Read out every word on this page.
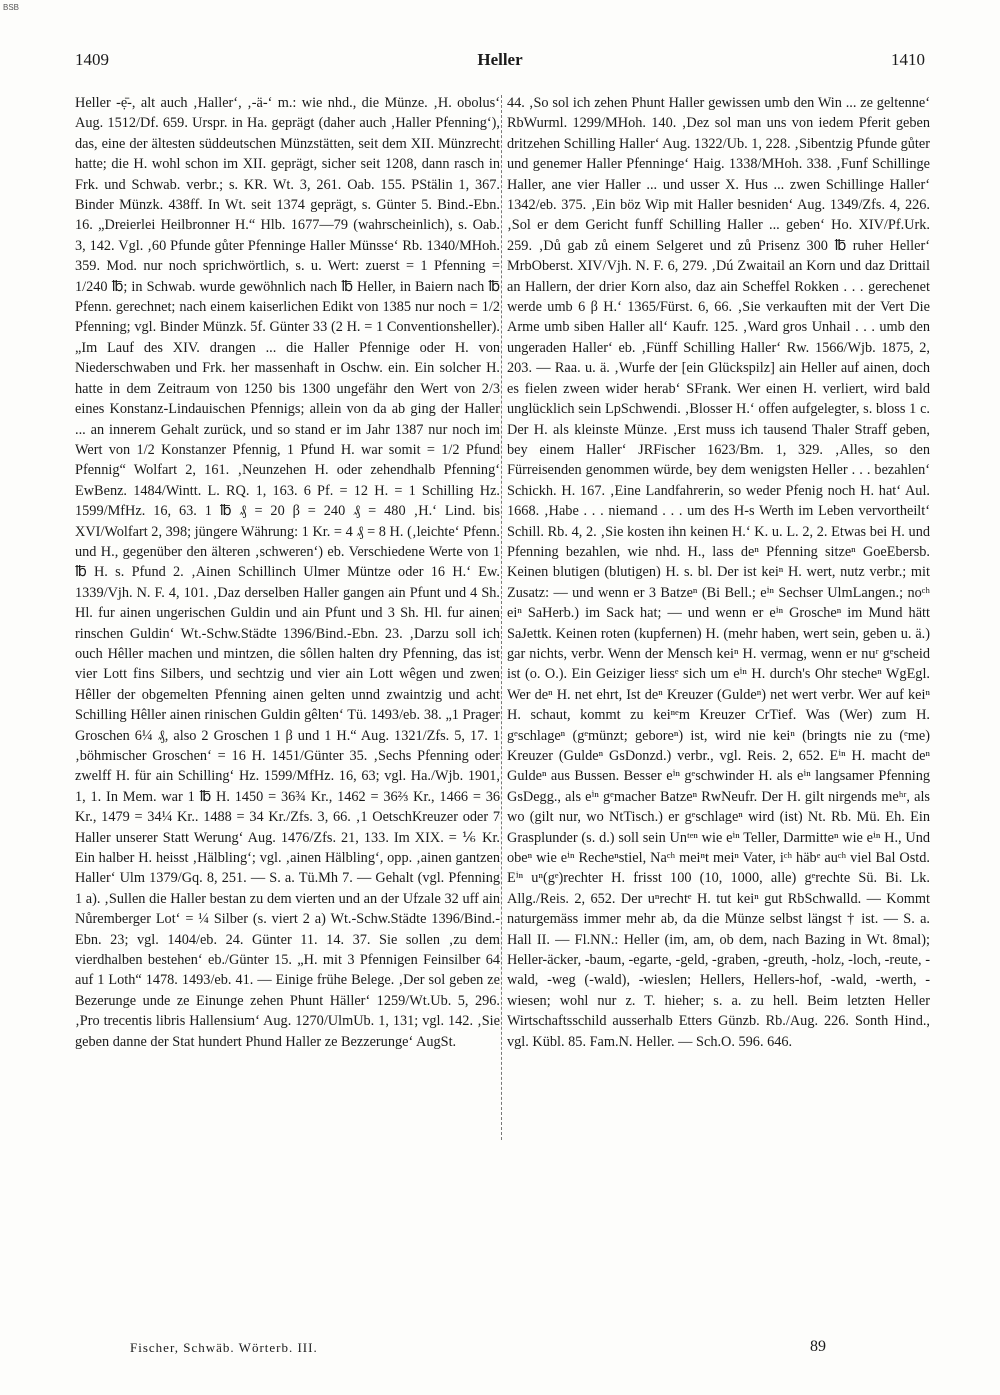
BSB
1409	Heller	1410

Heller -ẹ̄-, alt auch ‚Haller‘, ‚-ä-‘ m.: wie nhd., die Münze. ‚H. obolus‘ Aug. 1512/Df. 659. Urspr. in Ha. geprägt (daher auch ‚Haller Pfenning‘), das, eine der ältesten süddeutschen Münzstätten, seit dem XII. Münzrecht hatte; die H. wohl schon im XII. geprägt, sicher seit 1208, dann rasch in Frk. und Schwab. verbr.; s. KR. Wt. 3, 261. Oab. 155. PStälin 1, 367. Binder Münzk. 438ff. In Wt. seit 1374 geprägt, s. Günter 5. Bind.-Ebn. 16. „Dreierlei Heilbronner H.“ Hlb. 1677—79 (wahrscheinlich), s. Oab. 3, 142. Vgl. ‚60 Pfunde gůter Pfenninge Haller Münsse‘ Rb. 1340/MHoh. 359. Mod. nur noch sprichwörtlich, s. u. Wert: zuerst = 1 Pfenning = 1/240 ℔; in Schwab. wurde gewöhnlich nach ℔ Heller, in Baiern nach ℔ Pfenn. gerechnet; nach einem kaiserlichen Edikt von 1385 nur noch = 1/2 Pfenning; vgl. Binder Münzk. 5f. Günter 33 (2 H. = 1 Conventionsheller). „Im Lauf des XIV. drangen ... die Haller Pfennige oder H. von Niederschwaben und Frk. her massenhaft in Oschw. ein. Ein solcher H. hatte in dem Zeitraum von 1250 bis 1300 ungefähr den Wert von 2/3 eines Konstanz-Lindauischen Pfennigs; allein von da ab ging der Haller ... an innerem Gehalt zurück, und so stand er im Jahr 1387 nur noch im Wert von 1/2 Konstanzer Pfennig, 1 Pfund H. war somit = 1/2 Pfund Pfennig“ Wolfart 2, 161. ‚Neunzehen H. oder zehendhalb Pfenning‘ EwBenz. 1484/Wintt. L. RQ. 1, 163. 6 Pf. = 12 H. = 1 Schilling Hz. 1599/MfHz. 16, 63. 1 ℔ ₰ = 20 β = 240 ₰ = 480 ‚H.‘ Lind. bis XVI/Wolfart 2, 398; jüngere Währung: 1 Kr. = 4 ₰ = 8 H. (‚leichte‘ Pfenn. und H., gegenüber den älteren ‚schweren‘) eb. Verschiedene Werte von 1 ℔ H. s. Pfund 2. ‚Ainen Schillinch Ulmer Müntze oder 16 H.‘ Ew. 1339/Vjh. N. F. 4, 101. ‚Daz derselben Haller gangen ain Pfunt und 4 Sh. Hl. fur ainen ungerischen Guldin und ain Pfunt und 3 Sh. Hl. fur ainen rinschen Guldin‘ Wt.-Schw.Städte 1396/Bind.-Ebn. 23. ‚Darzu soll ich ouch Hêller machen und mintzen, die sôllen halten dry Pfenning, das ist vier Lott fins Silbers, und sechtzig und vier ain Lott wêgen und zwen Hêller der obgemelten Pfenning ainen gelten unnd zwaintzig und acht Schilling Hêller ainen rinischen Guldin gêlten‘ Tü. 1493/eb. 38. „1 Prager Groschen 6¼ ₰, also 2 Groschen 1 β und 1 H.“ Aug. 1321/Zfs. 5, 17. 1 ‚böhmischer Groschen‘ = 16 H. 1451/Günter 35. ‚Sechs Pfenning oder zwelff H. für ain Schilling‘ Hz. 1599/MfHz. 16, 63; vgl. Ha./Wjb. 1901, 1, 1. In Mem. war 1 ℔ H. 1450 = 36¾ Kr., 1462 = 36⅔ Kr., 1466 = 36 Kr., 1479 = 34¼ Kr.. 1488 = 34 Kr./Zfs. 3, 66. ‚1 OetschKreuzer oder 7 Haller unserer Statt Werung‘ Aug. 1476/Zfs. 21, 133. Im XIX. = ⅙ Kr. Ein halber H. heisst ‚Hälbling‘; vgl. ‚ainen Hälbling‘, opp. ‚ainen gantzen Haller‘ Ulm 1379/Gq. 8, 251. — S. a. Tü.Mh 7. — Gehalt (vgl. Pfenning 1 a). ‚Sullen die Haller bestan zu dem vierten und an der Ufzale 32 uff ain Nůremberger Lot‘ = ¼ Silber (s. viert 2 a) Wt.-Schw.Städte 1396/Bind.-Ebn. 23; vgl. 1404/eb. 24. Günter 11. 14. 37. Sie sollen ‚zu dem vierdhalben bestehen‘ eb./Günter 15. „H. mit 3 Pfennigen Feinsilber 64 auf 1 Loth“ 1478. 1493/eb. 41. — Einige frühe Belege. ‚Der sol geben ze Bezerunge unde ze Einunge zehen Phunt Häller‘ 1259/Wt.Ub. 5, 296. ‚Pro trecentis libris Hallensium‘ Aug. 1270/UlmUb. 1, 131; vgl. 142. ‚Sie geben danne der Stat hundert Phund Haller ze Bezzerunge‘ AugSt.

44. ‚So sol ich zehen Phunt Haller gewissen umb den Win ... ze geltenne‘ RbWurml. 1299/MHoh. 140. ‚Dez sol man uns von iedem Pferit geben dritzehen Schilling Haller‘ Aug. 1322/Ub. 1, 228. ‚Sibentzig Pfunde gůter und genemer Haller Pfenninge‘ Haig. 1338/MHoh. 338. ‚Funf Schillinge Haller, ane vier Haller ... und usser X. Hus ... zwen Schillinge Haller‘ 1342/eb. 375. ‚Ein böz Wip mit Haller besniden‘ Aug. 1349/Zfs. 4, 226. ‚Sol er dem Gericht funff Schilling Haller ... geben‘ Ho. XIV/Pf.Urk. 259. ‚Dů gab zů einem Selgeret und zů Prisenz 300 ℔ ruher Heller‘ MrbOberst. XIV/Vjh. N. F. 6, 279. ‚Dú Zwaitail an Korn und daz Drittail an Hallern, der drier Korn also, daz ain Scheffel Rokken . . . gerechenet werde umb 6 β H.‘ 1365/Fürst. 6, 66. ‚Sie verkauften mit der Vert Die Arme umb siben Haller all‘ Kaufr. 125. ‚Ward gros Unhail . . . umb den ungeraden Haller‘ eb. ‚Fünff Schilling Haller‘ Rw. 1566/Wjb. 1875, 2, 203. — Raa. u. ä. ‚Wurfe der [ein Glückspilz] ain Heller auf ainen, doch es fielen zween wider herab‘ SFrank. Wer einen H. verliert, wird bald unglücklich sein LpSchwendi. ‚Blosser H.‘ offen aufgelegter, s. bloss 1 c. Der H. als kleinste Münze. ‚Erst muss ich tausend Thaler Straff geben, bey einem Haller‘ JRFischer 1623/Bm. 1, 329. ‚Alles, so den Fürreisenden genommen würde, bey dem wenigsten Heller . . . bezahlen‘ Schickh. H. 167. ‚Eine Landfahrerin, so weder Pfenig noch H. hat‘ Aul. 1668. ‚Habe . . . niemand . . . um des H-s Werth im Leben vervortheilt‘ Schill. Rb. 4, 2. ‚Sie kosten ihn keinen H.‘ K. u. L. 2, 2. Etwas bei H. und Pfenning bezahlen, wie nhd. H., lass deⁿ Pfenning sitzeⁿ GoeEbersb. Keinen blutigen (blutigen) H. s. bl. Der ist keiⁿ H. wert, nutz verbr.; mit Zusatz: — und wenn er 3 Batzeⁿ (Bi Bell.; eⁱⁿ Sechser UlmLangen.; noᶜʰ eiⁿ SaHerb.) im Sack hat; — und wenn er eⁱⁿ Groscheⁿ im Mund hätt SaJettk. Keinen roten (kupfernen) H. (mehr haben, wert sein, geben u. ä.) gar nichts, verbr. Wenn der Mensch keiⁿ H. vermag, wenn er nuʳ gᵉscheid ist (o. O.). Ein Geiziger liessᵉ sich um eⁱⁿ H. durch's Ohr stecheⁿ WgEgl. Wer deⁿ H. net ehrt, Ist deⁿ Kreuzer (Guldeⁿ) net wert verbr. Wer auf keiⁿ H. schaut, kommt zu keiⁿᵉm Kreuzer CrTief. Was (Wer) zum H. gᵉschlageⁿ (gᵉmünzt; geboreⁿ) ist, wird nie keiⁿ (bringts nie zu (ᵉme) Kreuzer (Guldeⁿ GsDonzd.) verbr., vgl. Reis. 2, 652. Eⁱⁿ H. macht deⁿ Guldeⁿ aus Bussen. Besser eⁱⁿ gᵉschwinder H. als eⁱⁿ langsamer Pfenning GsDegg., als eⁱⁿ gᵉmacher Batzeⁿ RwNeufr. Der H. gilt nirgends meʰʳ, als wo (gilt nur, wo NtTisch.) er gᵉschlageⁿ wird (ist) Nt. Rb. Mü. Eh. Ein Grasplunder (s. d.) soll sein Unᵗᵉⁿ wie eⁱⁿ Teller, Darmitteⁿ wie eⁱⁿ H., Und obeⁿ wie eⁱⁿ Recheⁿstiel, Naᶜʰ meiⁿt meiⁿ Vater, iᶜʰ häbᵉ auᶜʰ viel Bal Ostd. Eⁱⁿ uⁿ(gᵉ)rechter H. frisst 100 (10, 1000, alle) gᵉrechte Sü. Bi. Lk. Allg./Reis. 2, 652. Der uⁿrechtᵉ H. tut keiⁿ gut RbSchwalld. — Kommt naturgemäss immer mehr ab, da die Münze selbst längst † ist. — S. a. Hall II. — Fl.NN.: Heller (im, am, ob dem, nach Bazing in Wt. 8mal); Heller-äcker, -baum, -egarte, -geld, -graben, -greuth, -holz, -loch, -reute, -wald, -weg (-wald), -wieslen; Hellers, Hellers-hof, -wald, -werth, -wiesen; wohl nur z. T. hieher; s. a. zu hell. Beim letzten Heller Wirtschaftsschild ausserhalb Etters Günzb. Rb./Aug. 226. Sonth Hind., vgl. Kübl. 85. Fam.N. Heller. — Sch.O. 596. 646.

Fischer, Schwäb. Wörterb. III.	89
